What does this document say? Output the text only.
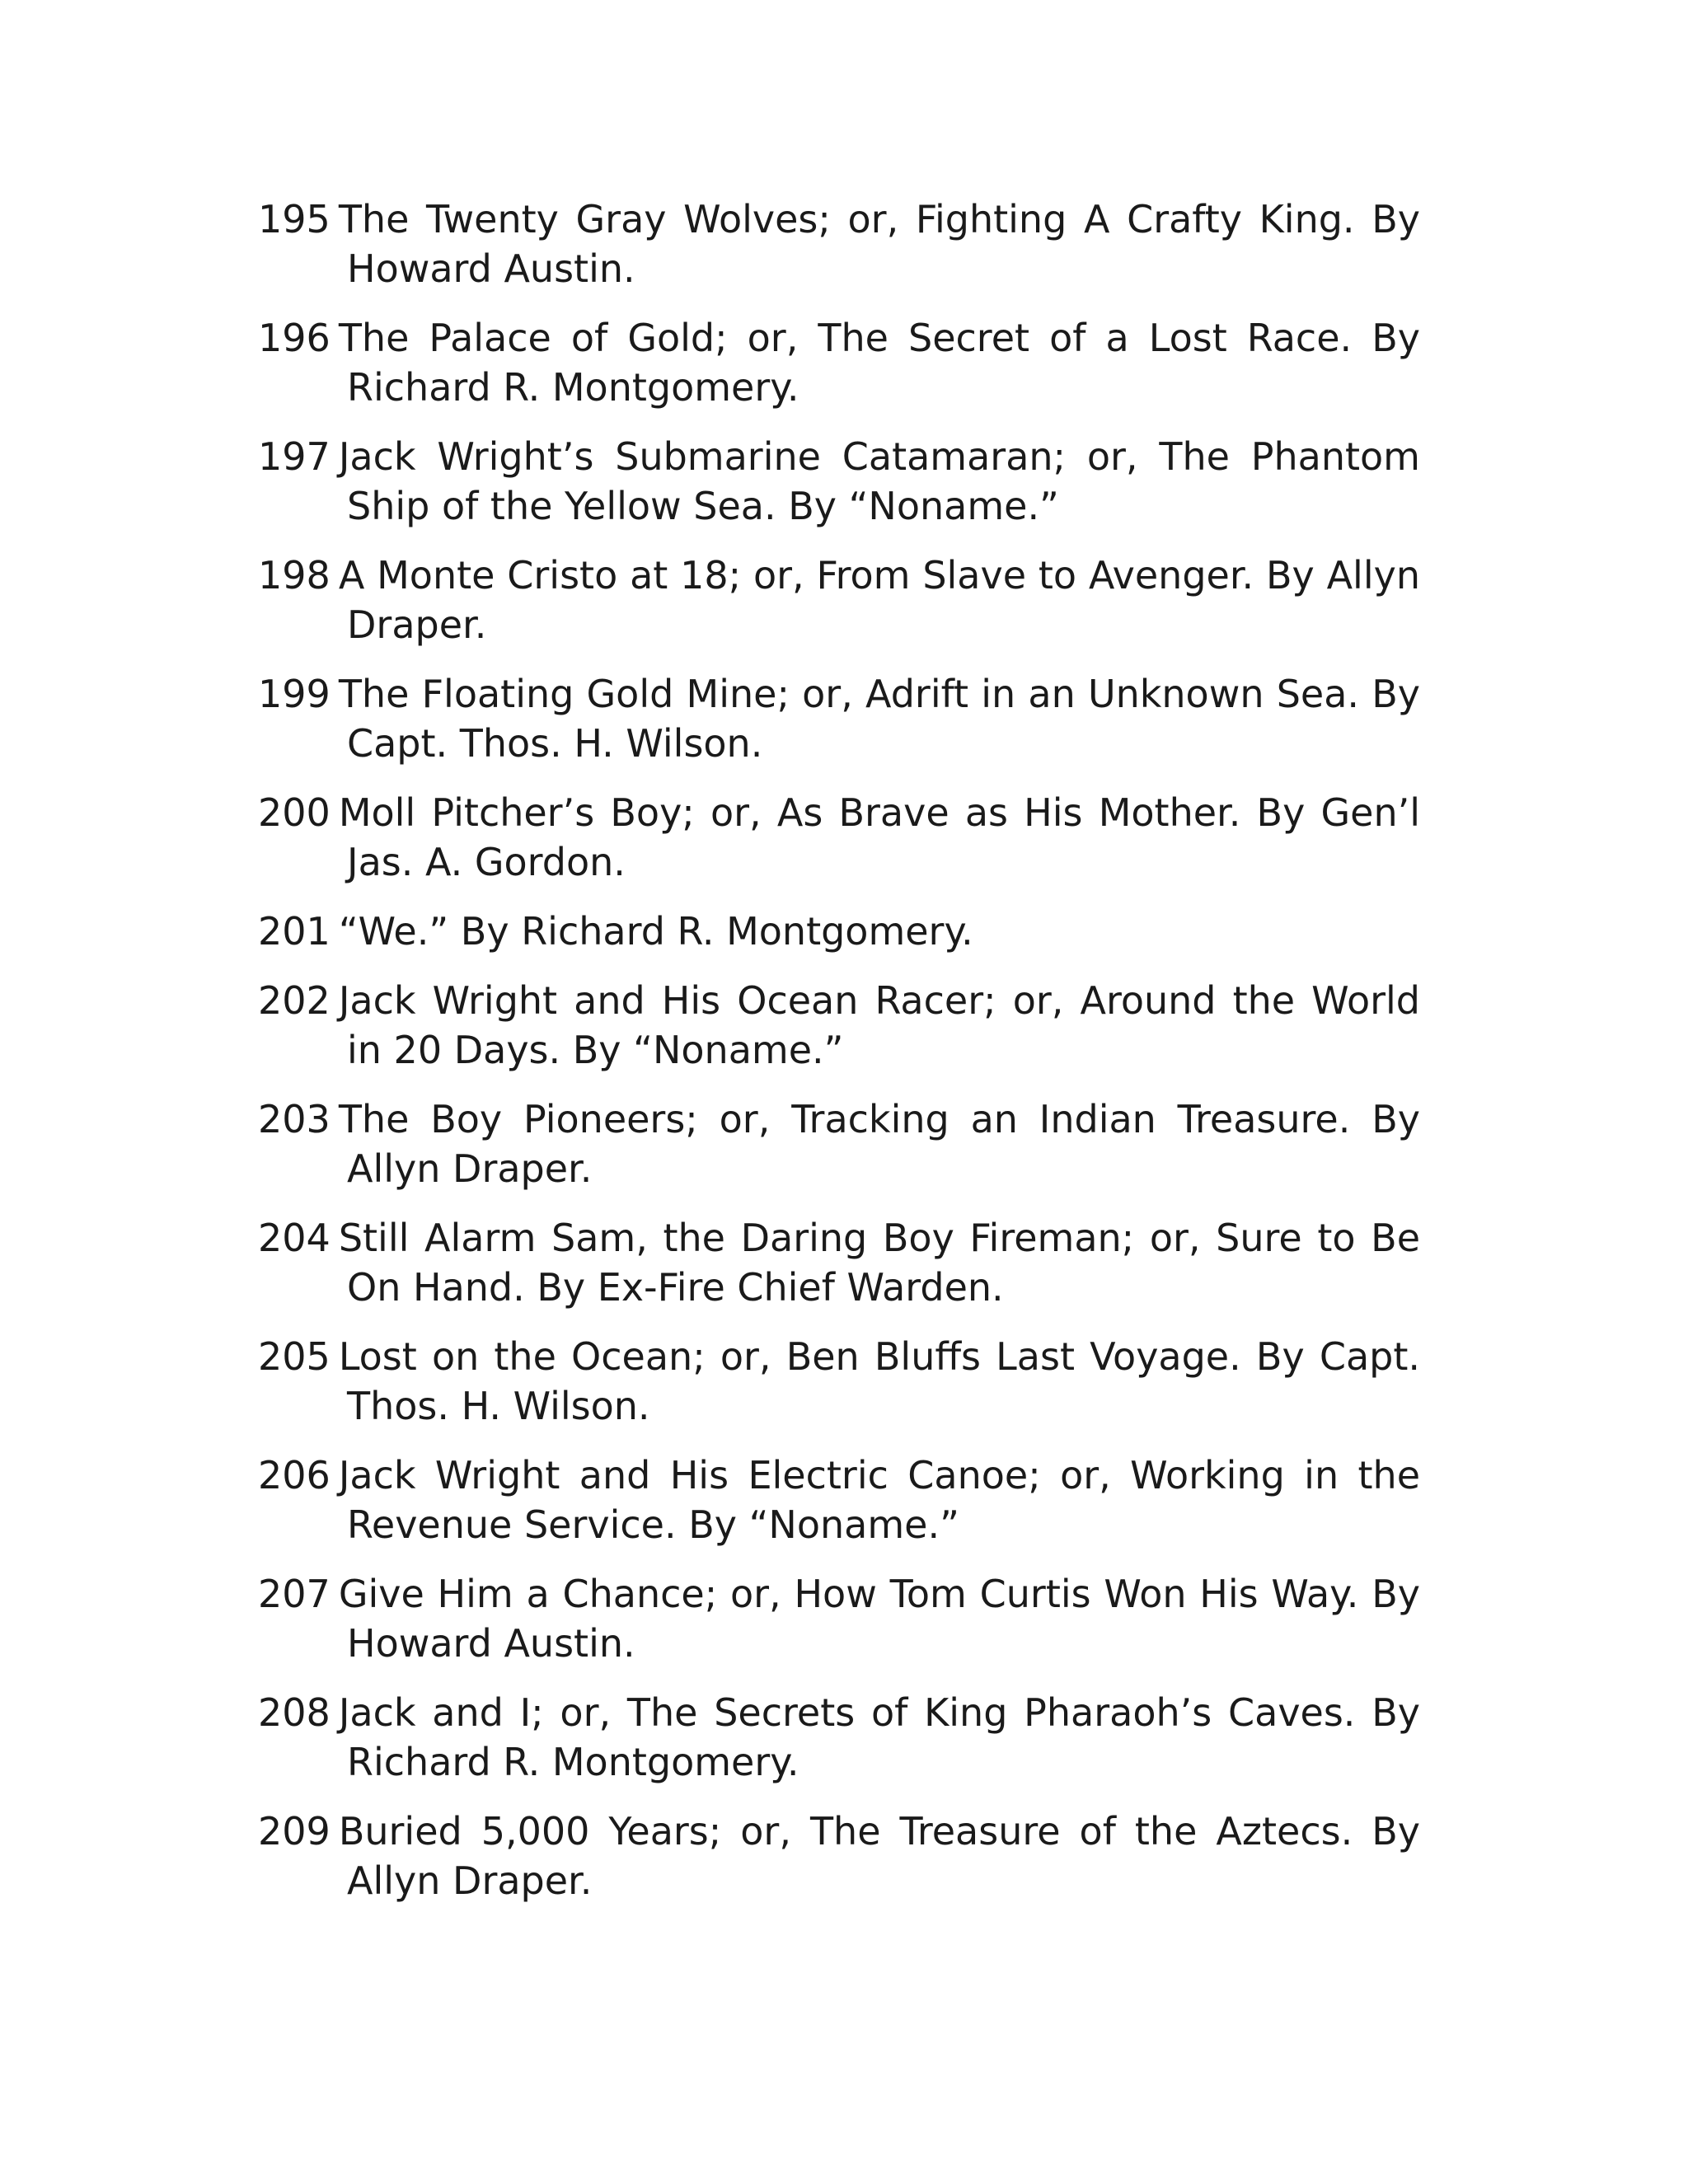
195 The Twenty Gray Wolves; or, Fighting A Crafty King. By Howard Austin.
196 The Palace of Gold; or, The Secret of a Lost Race. By Richard R. Montgomery.
197 Jack Wright’s Submarine Catamaran; or, The Phantom Ship of the Yellow Sea. By “Noname.”
198 A Monte Cristo at 18; or, From Slave to Avenger. By Allyn Draper.
199 The Floating Gold Mine; or, Adrift in an Unknown Sea. By Capt. Thos. H. Wilson.
200 Moll Pitcher’s Boy; or, As Brave as His Mother. By Gen’l Jas. A. Gordon.
201 “We.” By Richard R. Montgomery.
202 Jack Wright and His Ocean Racer; or, Around the World in 20 Days. By “Noname.”
203 The Boy Pioneers; or, Tracking an Indian Treasure. By Allyn Draper.
204 Still Alarm Sam, the Daring Boy Fireman; or, Sure to Be On Hand. By Ex-Fire Chief Warden.
205 Lost on the Ocean; or, Ben Bluffs Last Voyage. By Capt. Thos. H. Wilson.
206 Jack Wright and His Electric Canoe; or, Working in the Revenue Service. By “Noname.”
207 Give Him a Chance; or, How Tom Curtis Won His Way. By Howard Austin.
208 Jack and I; or, The Secrets of King Pharaoh’s Caves. By Richard R. Montgomery.
209 Buried 5,000 Years; or, The Treasure of the Aztecs. By Allyn Draper.
